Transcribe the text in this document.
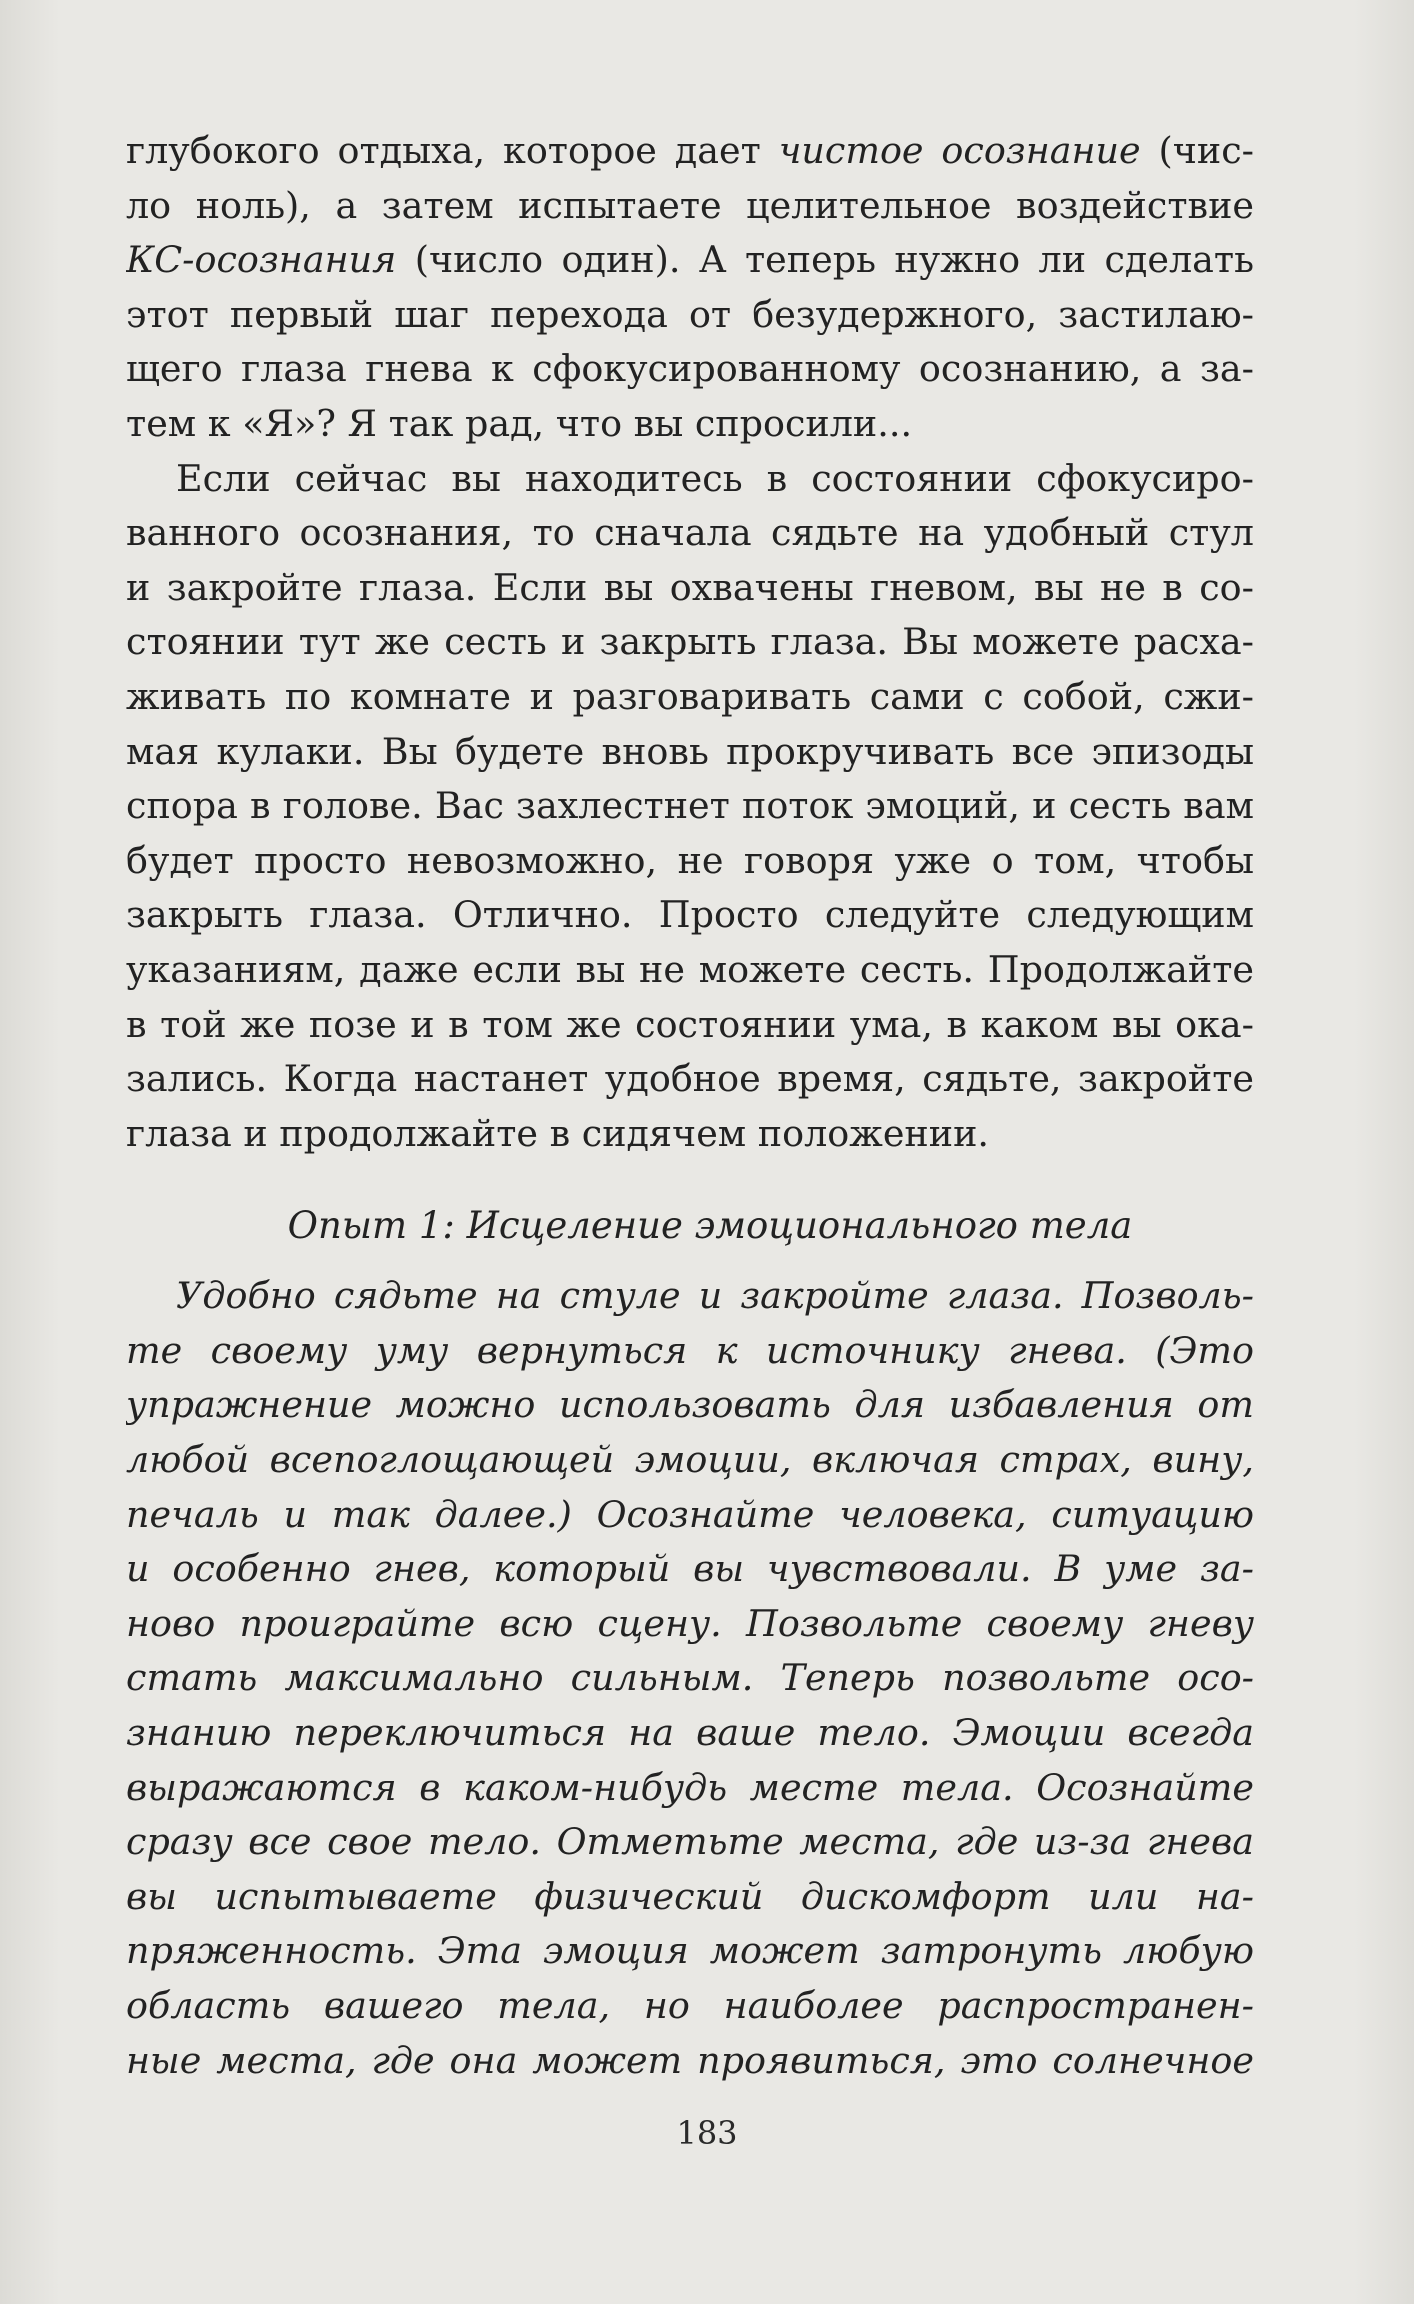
глубокого отдыха, которое дает чистое осознание (чис-
ло ноль), а затем испытаете целительное воздействие
КС-осознания (число один). А теперь нужно ли сделать
этот первый шаг перехода от безудержного, застилаю-
щего глаза гнева к сфокусированному осознанию, а за-
тем к «Я»? Я так рад, что вы спросили...
Если сейчас вы находитесь в состоянии сфокусиро-
ванного осознания, то сначала сядьте на удобный стул
и закройте глаза. Если вы охвачены гневом, вы не в со-
стоянии тут же сесть и закрыть глаза. Вы можете расха-
живать по комнате и разговаривать сами с собой, сжи-
мая кулаки. Вы будете вновь прокручивать все эпизоды
спора в голове. Вас захлестнет поток эмоций, и сесть вам
будет просто невозможно, не говоря уже о том, чтобы
закрыть глаза. Отлично. Просто следуйте следующим
указаниям, даже если вы не можете сесть. Продолжайте
в той же позе и в том же состоянии ума, в каком вы ока-
зались. Когда настанет удобное время, сядьте, закройте
глаза и продолжайте в сидячем положении.
Опыт 1: Исцеление эмоционального тела
Удобно сядьте на стуле и закройте глаза. Позволь-
те своему уму вернуться к источнику гнева. (Это
упражнение можно использовать для избавления от
любой всепоглощающей эмоции, включая страх, вину,
печаль и так далее.) Осознайте человека, ситуацию
и особенно гнев, который вы чувствовали. В уме за-
ново проиграйте всю сцену. Позвольте своему гневу
стать максимально сильным. Теперь позвольте осо-
знанию переключиться на ваше тело. Эмоции всегда
выражаются в каком-нибудь месте тела. Осознайте
сразу все свое тело. Отметьте места, где из-за гнева
вы испытываете физический дискомфорт или на-
пряженность. Эта эмоция может затронуть любую
область вашего тела, но наиболее распространен-
ные места, где она может проявиться, это солнечное
183
